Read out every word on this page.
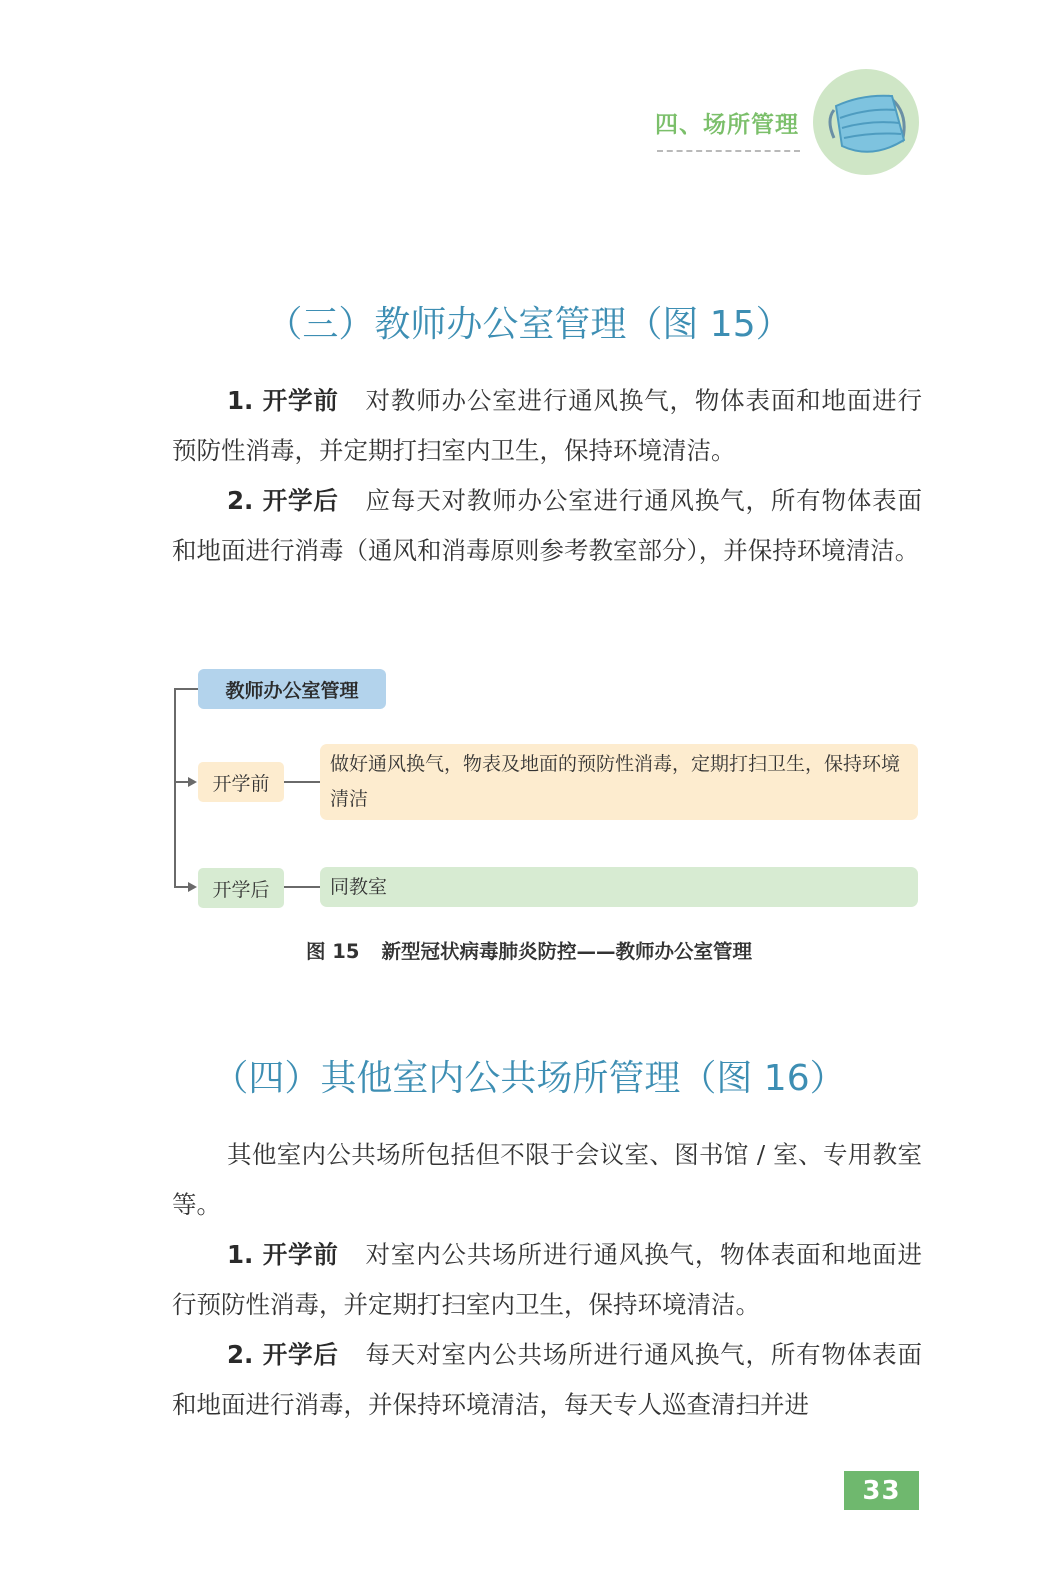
四、场所管理
（三）教师办公室管理（图 15）
1. 开学前 对教师办公室进行通风换气，物体表面和地面进行预防性消毒，并定期打扫室内卫生，保持环境清洁。
2. 开学后 应每天对教师办公室进行通风换气，所有物体表面和地面进行消毒（通风和消毒原则参考教室部分），并保持环境清洁。
教师办公室管理
开学前
做好通风换气，物表及地面的预防性消毒，定期打扫卫生，保持环境清洁
开学后	同教室
图 15 新型冠状病毒肺炎防控——教师办公室管理
（四）其他室内公共场所管理（图 16）
其他室内公共场所包括但不限于会议室、图书馆 / 室、专用教室等。
1. 开学前 对室内公共场所进行通风换气，物体表面和地面进行预防性消毒，并定期打扫室内卫生，保持环境清洁。
2. 开学后 每天对室内公共场所进行通风换气，所有物体表面和地面进行消毒，并保持环境清洁，每天专人巡查清扫并进
33
